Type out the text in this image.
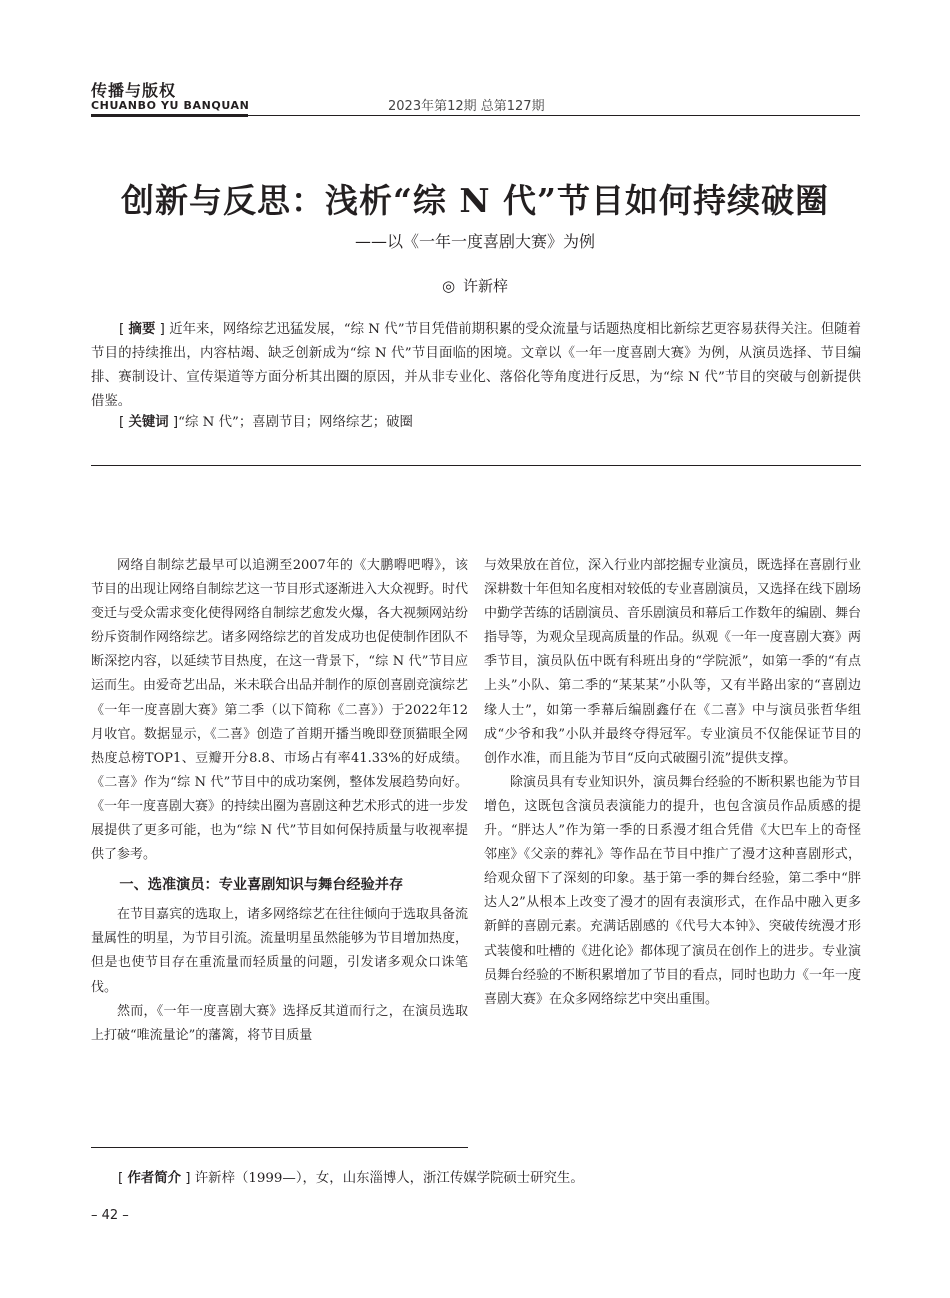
传播与版权
CHUANBO YU BANQUAN	2023年第12期 总第127期
创新与反思：浅析“综 N 代”节目如何持续破圈
——以《一年一度喜剧大赛》为例
◎ 许新梓
[ 摘要 ] 近年来，网络综艺迅猛发展，“综 N 代”节目凭借前期积累的受众流量与话题热度相比新综艺更容易获得关注。但随着节目的持续推出，内容枯竭、缺乏创新成为“综 N 代”节目面临的困境。文章以《一年一度喜剧大赛》为例，从演员选择、节目编排、赛制设计、宣传渠道等方面分析其出圈的原因，并从非专业化、落俗化等角度进行反思，为“综 N 代”节目的突破与创新提供借鉴。
[ 关键词 ]“综 N 代”；喜剧节目；网络综艺；破圈

网络自制综艺最早可以追溯至2007年的《大鹏嘚吧嘚》，该节目的出现让网络自制综艺这一节目形式逐渐进入大众视野。时代变迁与受众需求变化使得网络自制综艺愈发火爆，各大视频网站纷纷斥资制作网络综艺。诸多网络综艺的首发成功也促使制作团队不断深挖内容，以延续节目热度，在这一背景下，“综 N 代”节目应运而生。由爱奇艺出品，米未联合出品并制作的原创喜剧竞演综艺《一年一度喜剧大赛》第二季（以下简称《二喜》）于2022年12月收官。数据显示，《二喜》创造了首期开播当晚即登顶猫眼全网热度总榜TOP1、豆瓣开分8.8、市场占有率41.33%的好成绩。《二喜》作为“综 N 代”节目中的成功案例，整体发展趋势向好。《一年一度喜剧大赛》的持续出圈为喜剧这种艺术形式的进一步发展提供了更多可能，也为“综 N 代”节目如何保持质量与收视率提供了参考。

一、选准演员：专业喜剧知识与舞台经验并存

在节目嘉宾的选取上，诸多网络综艺在往往倾向于选取具备流量属性的明星，为节目引流。流量明星虽然能够为节目增加热度，但是也使节目存在重流量而轻质量的问题，引发诸多观众口诛笔伐。

然而，《一年一度喜剧大赛》选择反其道而行之，在演员选取上打破“唯流量论”的藩篱，将节目质量

与效果放在首位，深入行业内部挖掘专业演员，既选择在喜剧行业深耕数十年但知名度相对较低的专业喜剧演员，又选择在线下剧场中勤学苦练的话剧演员、音乐剧演员和幕后工作数年的编剧、舞台指导等，为观众呈现高质量的作品。纵观《一年一度喜剧大赛》两季节目，演员队伍中既有科班出身的“学院派”，如第一季的“有点上头”小队、第二季的“某某某”小队等，又有半路出家的“喜剧边缘人士”，如第一季幕后编剧鑫仔在《二喜》中与演员张哲华组成“少爷和我”小队并最终夺得冠军。专业演员不仅能保证节目的创作水准，而且能为节目“反向式破圈引流”提供支撑。

除演员具有专业知识外，演员舞台经验的不断积累也能为节目增色，这既包含演员表演能力的提升，也包含演员作品质感的提升。“胖达人”作为第一季的日系漫才组合凭借《大巴车上的奇怪邻座》《父亲的葬礼》等作品在节目中推广了漫才这种喜剧形式，给观众留下了深刻的印象。基于第一季的舞台经验，第二季中“胖达人2”从根本上改变了漫才的固有表演形式，在作品中融入更多新鲜的喜剧元素。充满话剧感的《代号大本钟》、突破传统漫才形式装傻和吐槽的《进化论》都体现了演员在创作上的进步。专业演员舞台经验的不断积累增加了节目的看点，同时也助力《一年一度喜剧大赛》在众多网络综艺中突出重围。

[ 作者简介 ] 许新梓（1999—），女，山东淄博人，浙江传媒学院硕士研究生。
– 42 –
